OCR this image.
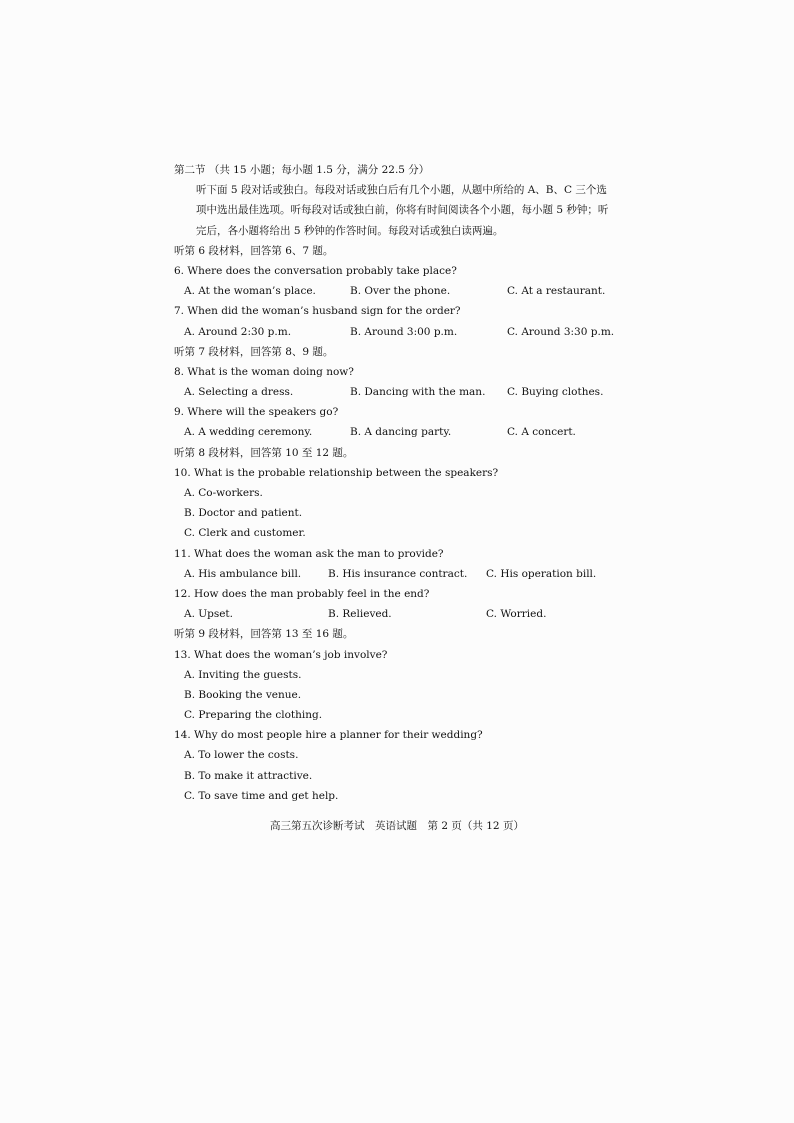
第二节 （共 15 小题；每小题 1.5 分，满分 22.5 分）
听下面 5 段对话或独白。每段对话或独白后有几个小题，从题中所给的 A、B、C 三个选项中选出最佳选项。听每段对话或独白前，你将有时间阅读各个小题，每小题 5 秒钟；听完后，各小题将给出 5 秒钟的作答时间。每段对话或独白读两遍。
听第 6 段材料，回答第 6、7 题。
6. Where does the conversation probably take place?
A. At the woman’s place.	B. Over the phone.	C. At a restaurant.
7. When did the woman’s husband sign for the order?
A. Around 2:30 p.m.	B. Around 3:00 p.m.	C. Around 3:30 p.m.
听第 7 段材料，回答第 8、9 题。
8. What is the woman doing now?
A. Selecting a dress.	B. Dancing with the man. C. Buying clothes.
9. Where will the speakers go?
A. A wedding ceremony.	B. A dancing party.	C. A concert.
听第 8 段材料，回答第 10 至 12 题。
10. What is the probable relationship between the speakers?
A. Co-workers.
B. Doctor and patient.
C. Clerk and customer.
11. What does the woman ask the man to provide?
A. His ambulance bill.	B. His insurance contract. C. His operation bill.
12. How does the man probably feel in the end?
A. Upset.	B. Relieved.	C. Worried.
听第 9 段材料，回答第 13 至 16 题。
13. What does the woman’s job involve?
A. Inviting the guests.
B. Booking the venue.
C. Preparing the clothing.
14. Why do most people hire a planner for their wedding?
A. To lower the costs.
B. To make it attractive.
C. To save time and get help.
高三第五次诊断考试　英语试题　第 2 页（共 12 页）
